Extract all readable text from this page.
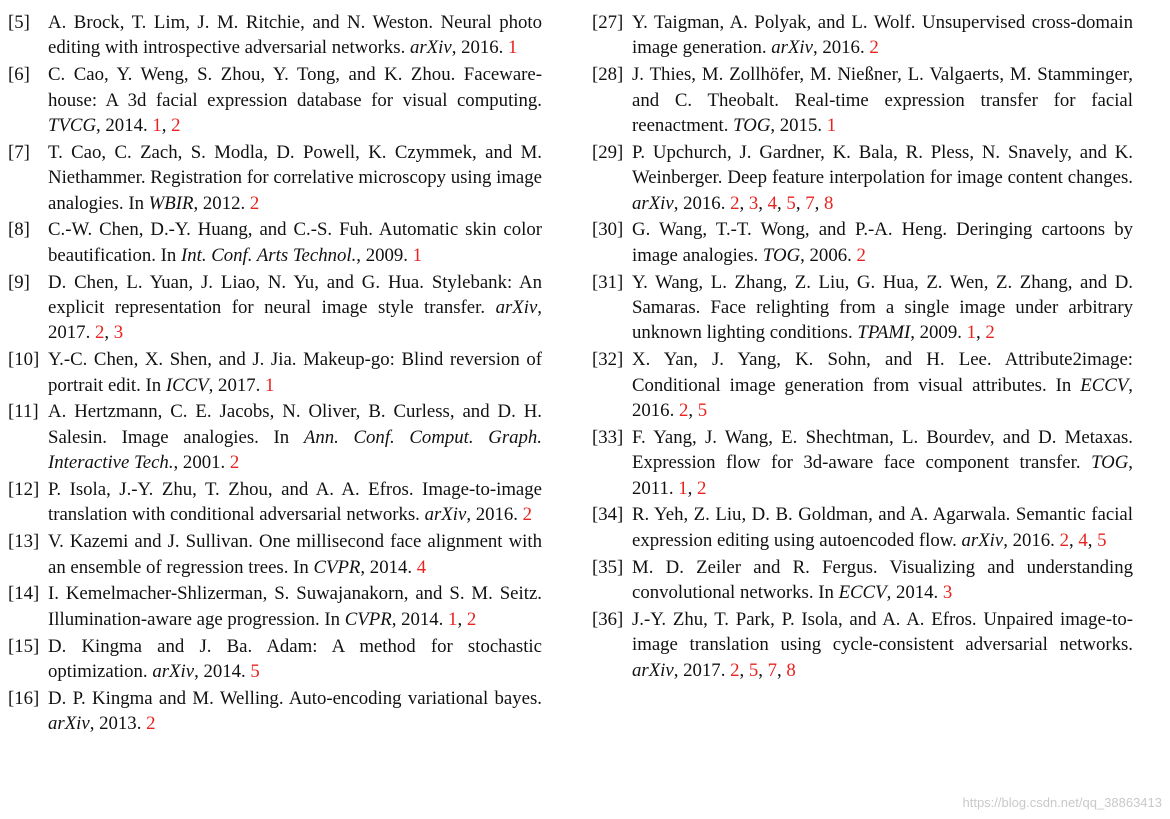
[5] A. Brock, T. Lim, J. M. Ritchie, and N. Weston. Neural photo editing with introspective adversarial networks. arXiv, 2016. 1
[6] C. Cao, Y. Weng, S. Zhou, Y. Tong, and K. Zhou. Faceware-house: A 3d facial expression database for visual computing. TVCG, 2014. 1, 2
[7] T. Cao, C. Zach, S. Modla, D. Powell, K. Czymmek, and M. Niethammer. Registration for correlative microscopy using image analogies. In WBIR, 2012. 2
[8] C.-W. Chen, D.-Y. Huang, and C.-S. Fuh. Automatic skin color beautification. In Int. Conf. Arts Technol., 2009. 1
[9] D. Chen, L. Yuan, J. Liao, N. Yu, and G. Hua. Stylebank: An explicit representation for neural image style transfer. arXiv, 2017. 2, 3
[10] Y.-C. Chen, X. Shen, and J. Jia. Makeup-go: Blind reversion of portrait edit. In ICCV, 2017. 1
[11] A. Hertzmann, C. E. Jacobs, N. Oliver, B. Curless, and D. H. Salesin. Image analogies. In Ann. Conf. Comput. Graph. Interactive Tech., 2001. 2
[12] P. Isola, J.-Y. Zhu, T. Zhou, and A. A. Efros. Image-to-image translation with conditional adversarial networks. arXiv, 2016. 2
[13] V. Kazemi and J. Sullivan. One millisecond face alignment with an ensemble of regression trees. In CVPR, 2014. 4
[14] I. Kemelmacher-Shlizerman, S. Suwajanakorn, and S. M. Seitz. Illumination-aware age progression. In CVPR, 2014. 1, 2
[15] D. Kingma and J. Ba. Adam: A method for stochastic optimization. arXiv, 2014. 5
[16] D. P. Kingma and M. Welling. Auto-encoding variational bayes. arXiv, 2013. 2
[27] Y. Taigman, A. Polyak, and L. Wolf. Unsupervised cross-domain image generation. arXiv, 2016. 2
[28] J. Thies, M. Zollhöfer, M. Nießner, L. Valgaerts, M. Stamminger, and C. Theobalt. Real-time expression transfer for facial reenactment. TOG, 2015. 1
[29] P. Upchurch, J. Gardner, K. Bala, R. Pless, N. Snavely, and K. Weinberger. Deep feature interpolation for image content changes. arXiv, 2016. 2, 3, 4, 5, 7, 8
[30] G. Wang, T.-T. Wong, and P.-A. Heng. Deringing cartoons by image analogies. TOG, 2006. 2
[31] Y. Wang, L. Zhang, Z. Liu, G. Hua, Z. Wen, Z. Zhang, and D. Samaras. Face relighting from a single image under arbitrary unknown lighting conditions. TPAMI, 2009. 1, 2
[32] X. Yan, J. Yang, K. Sohn, and H. Lee. Attribute2image: Conditional image generation from visual attributes. In ECCV, 2016. 2, 5
[33] F. Yang, J. Wang, E. Shechtman, L. Bourdev, and D. Metaxas. Expression flow for 3d-aware face component transfer. TOG, 2011. 1, 2
[34] R. Yeh, Z. Liu, D. B. Goldman, and A. Agarwala. Semantic facial expression editing using autoencoded flow. arXiv, 2016. 2, 4, 5
[35] M. D. Zeiler and R. Fergus. Visualizing and understanding convolutional networks. In ECCV, 2014. 3
[36] J.-Y. Zhu, T. Park, P. Isola, and A. A. Efros. Unpaired image-to-image translation using cycle-consistent adversarial networks. arXiv, 2017. 2, 5, 7, 8
https://blog.csdn.net/qq_38863413
